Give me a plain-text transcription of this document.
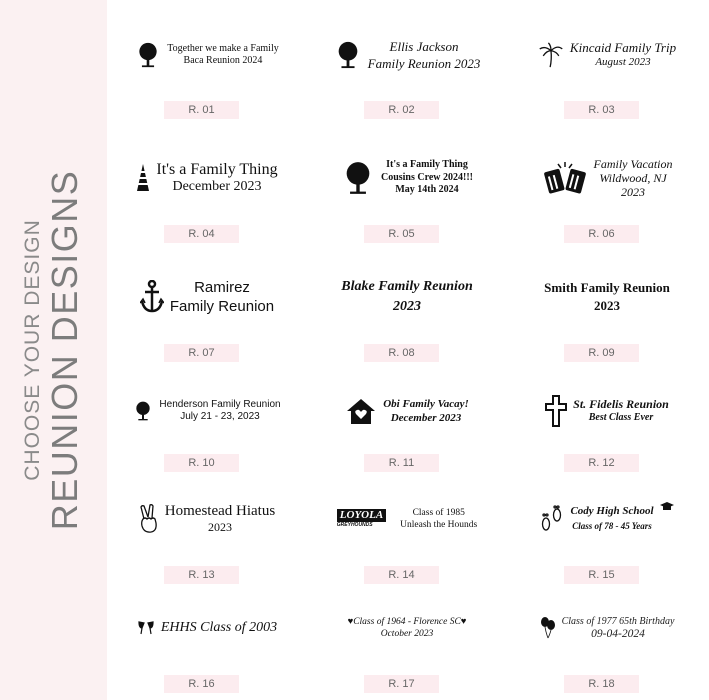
CHOOSE YOUR DESIGN REUNION DESIGNS
Together we make a Family
Baca Reunion 2024
R. 01
Ellis Jackson
Family Reunion 2023
R. 02
Kincaid Family Trip
August 2023
R. 03
It's a Family Thing
December 2023
R. 04
It's a Family Thing
Cousins Crew 2024!!!
May 14th 2024
R. 05
Family Vacation
Wildwood, NJ
2023
R. 06
Ramirez
Family Reunion
R. 07
Blake Family Reunion
2023
R. 08
Smith Family Reunion
2023
R. 09
Henderson Family Reunion
July 21 - 23, 2023
R. 10
Obi Family Vacay!
December 2023
R. 11
St. Fidelis Reunion
Best Class Ever
R. 12
Homestead Hiatus
2023
R. 13
LOYOLA
GREYHOUNDS
Class of 1985
Unleash the Hounds
R. 14
Cody High School
Class of 78 - 45 Years
R. 15
EHHS Class of 2003
R. 16
♥Class of 1964 - Florence SC♥
October 2023
R. 17
Class of 1977 65th Birthday
09-04-2024
R. 18
